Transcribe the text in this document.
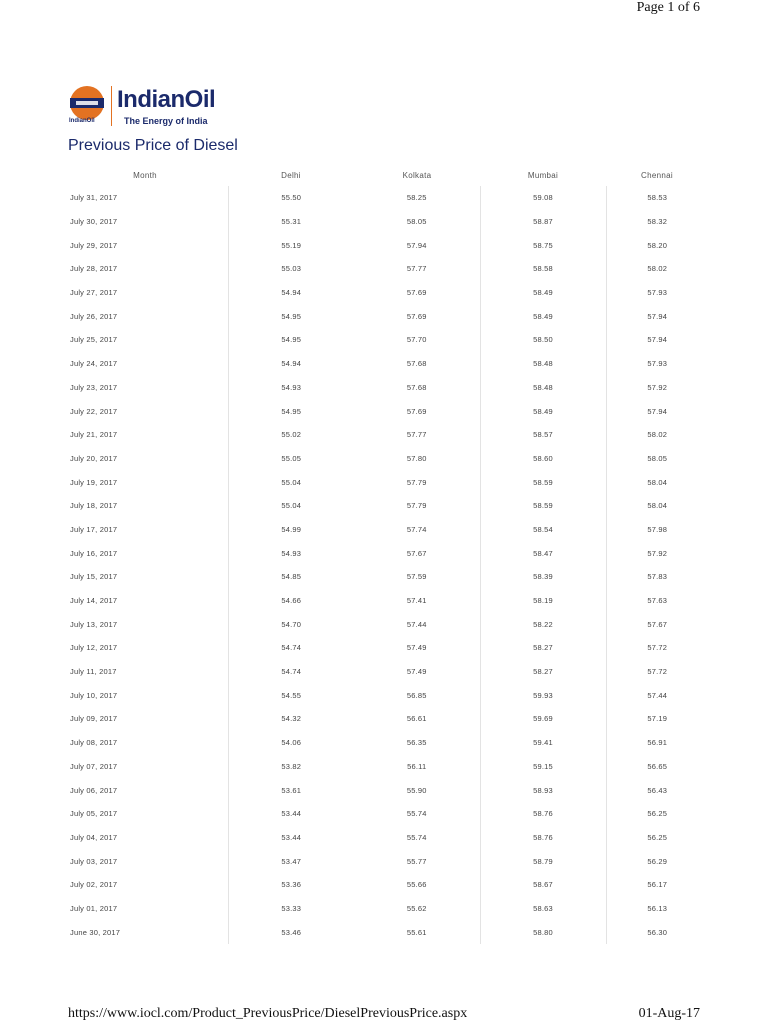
Page 1 of 6
IndianOil
IndianOil
The Energy of India
Previous Price of Diesel
Month	Delhi	Kolkata	Mumbai	Chennai
July 31, 2017	55.50	58.25	59.08	58.53
July 30, 2017	55.31	58.05	58.87	58.32
July 29, 2017	55.19	57.94	58.75	58.20
July 28, 2017	55.03	57.77	58.58	58.02
July 27, 2017	54.94	57.69	58.49	57.93
July 26, 2017	54.95	57.69	58.49	57.94
July 25, 2017	54.95	57.70	58.50	57.94
July 24, 2017	54.94	57.68	58.48	57.93
July 23, 2017	54.93	57.68	58.48	57.92
July 22, 2017	54.95	57.69	58.49	57.94
July 21, 2017	55.02	57.77	58.57	58.02
July 20, 2017	55.05	57.80	58.60	58.05
July 19, 2017	55.04	57.79	58.59	58.04
July 18, 2017	55.04	57.79	58.59	58.04
July 17, 2017	54.99	57.74	58.54	57.98
July 16, 2017	54.93	57.67	58.47	57.92
July 15, 2017	54.85	57.59	58.39	57.83
July 14, 2017	54.66	57.41	58.19	57.63
July 13, 2017	54.70	57.44	58.22	57.67
July 12, 2017	54.74	57.49	58.27	57.72
July 11, 2017	54.74	57.49	58.27	57.72
July 10, 2017	54.55	56.85	59.93	57.44
July 09, 2017	54.32	56.61	59.69	57.19
July 08, 2017	54.06	56.35	59.41	56.91
July 07, 2017	53.82	56.11	59.15	56.65
July 06, 2017	53.61	55.90	58.93	56.43
July 05, 2017	53.44	55.74	58.76	56.25
July 04, 2017	53.44	55.74	58.76	56.25
July 03, 2017	53.47	55.77	58.79	56.29
July 02, 2017	53.36	55.66	58.67	56.17
July 01, 2017	53.33	55.62	58.63	56.13
June 30, 2017	53.46	55.61	58.80	56.30
https://www.iocl.com/Product_PreviousPrice/DieselPreviousPrice.aspx	01-Aug-17
